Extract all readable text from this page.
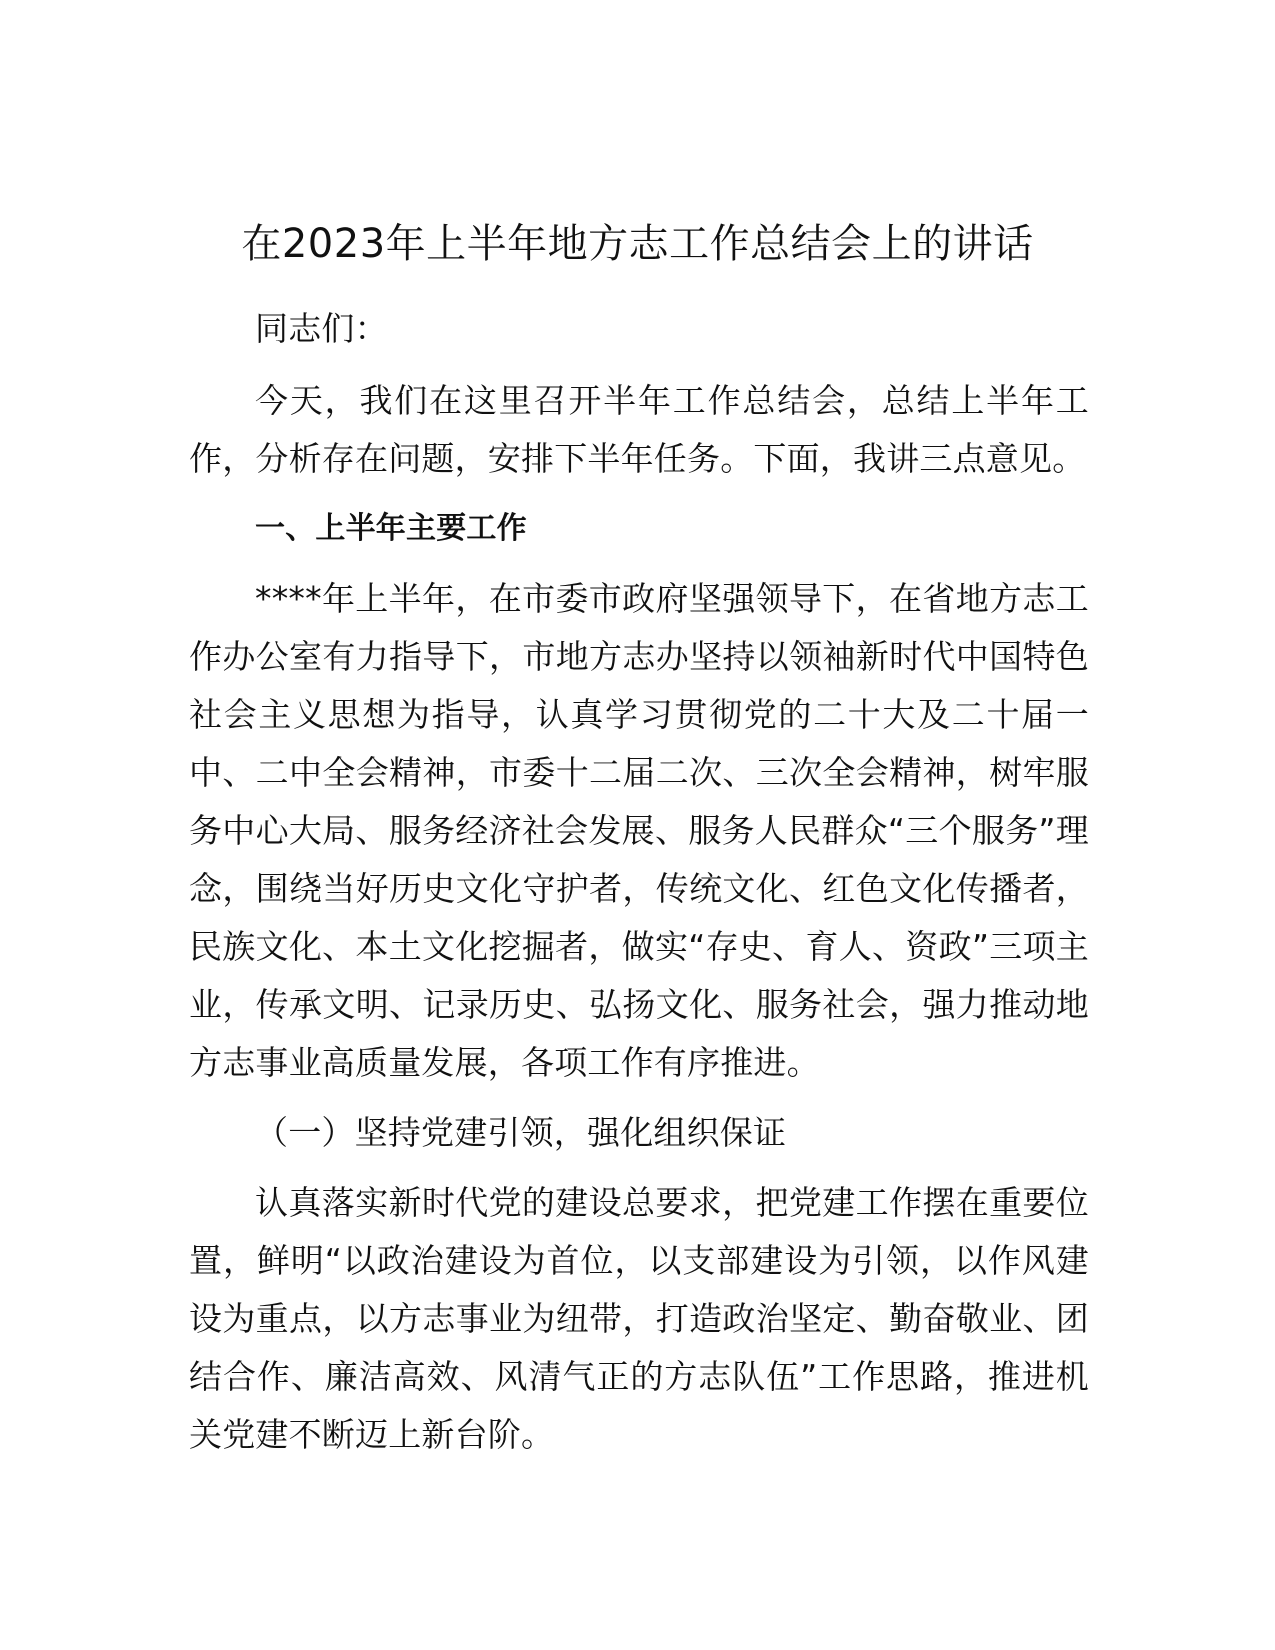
在2023年上半年地方志工作总结会上的讲话

同志们：

今天，我们在这里召开半年工作总结会，总结上半年工作，分析存在问题，安排下半年任务。下面，我讲三点意见。

一、上半年主要工作

****年上半年，在市委市政府坚强领导下，在省地方志工作办公室有力指导下，市地方志办坚持以领袖新时代中国特色社会主义思想为指导，认真学习贯彻党的二十大及二十届一中、二中全会精神，市委十二届二次、三次全会精神，树牢服务中心大局、服务经济社会发展、服务人民群众“三个服务”理念，围绕当好历史文化守护者，传统文化、红色文化传播者，民族文化、本土文化挖掘者，做实“存史、育人、资政”三项主业，传承文明、记录历史、弘扬文化、服务社会，强力推动地方志事业高质量发展，各项工作有序推进。

（一）坚持党建引领，强化组织保证

认真落实新时代党的建设总要求，把党建工作摆在重要位置，鲜明“以政治建设为首位，以支部建设为引领，以作风建设为重点，以方志事业为纽带，打造政治坚定、勤奋敬业、团结合作、廉洁高效、风清气正的方志队伍”工作思路，推进机关党建不断迈上新台阶。
